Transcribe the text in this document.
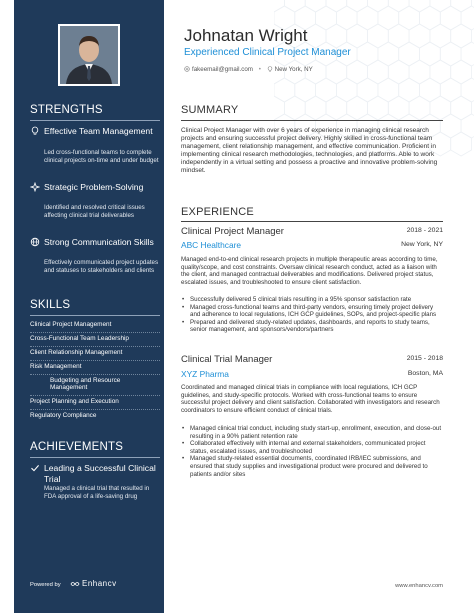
STRENGTHS
Effective Team Management
Led cross-functional teams to complete clinical projects on-time and under budget
Strategic Problem-Solving
Identified and resolved critical issues affecting clinical trial deliverables
Strong Communication Skills
Effectively communicated project updates and statuses to stakeholders and clients
SKILLS
Clinical Project Management
Cross-Functional Team Leadership
Client Relationship Management
Risk Management
Budgeting and Resource Management
Project Planning and Execution
Regulatory Compliance
ACHIEVEMENTS
Leading a Successful Clinical Trial
Managed a clinical trial that resulted in FDA approval of a life-saving drug
Powered by	Enhancv
Johnatan Wright
Experienced Clinical Project Manager
fakeemail@gmail.com • New York, NY
SUMMARY
Clinical Project Manager with over 6 years of experience in managing clinical research projects and ensuring successful project delivery. Highly skilled in cross-functional team management, client relationship management, and effective communication. Proficient in implementing clinical research methodologies, technologies, and platforms. Able to work independently in a virtual setting and possess a proactive and innovative problem-solving mindset.
EXPERIENCE
Clinical Project Manager	2018 - 2021
ABC Healthcare	New York, NY
Managed end-to-end clinical research projects in multiple therapeutic areas according to time, quality/scope, and cost constraints. Oversaw clinical research conduct, acted as a liaison with the client, and managed contractual deliverables and modifications. Delivered project status, escalated issues, and troubleshooted to ensure client satisfaction.
• Successfully delivered 5 clinical trials resulting in a 95% sponsor satisfaction rate
• Managed cross-functional teams and third-party vendors, ensuring timely project delivery and adherence to local regulations, ICH GCP guidelines, SOPs, and project-specific plans
• Prepared and delivered study-related updates, dashboards, and reports to study teams, senior management, and sponsors/vendors/partners
Clinical Trial Manager	2015 - 2018
XYZ Pharma	Boston, MA
Coordinated and managed clinical trials in compliance with local regulations, ICH GCP guidelines, and study-specific protocols. Worked with cross-functional teams to ensure successful project delivery and client satisfaction. Collaborated with investigators and research coordinators to ensure efficient conduct of clinical trials.
• Managed clinical trial conduct, including study start-up, enrollment, execution, and close-out resulting in a 90% patient retention rate
• Collaborated effectively with internal and external stakeholders, communicated project status, escalated issues, and troubleshooted
• Managed study-related essential documents, coordinated IRB/IEC submissions, and ensured that study supplies and investigational product were procured and delivered to patients and/or sites
www.enhancv.com
